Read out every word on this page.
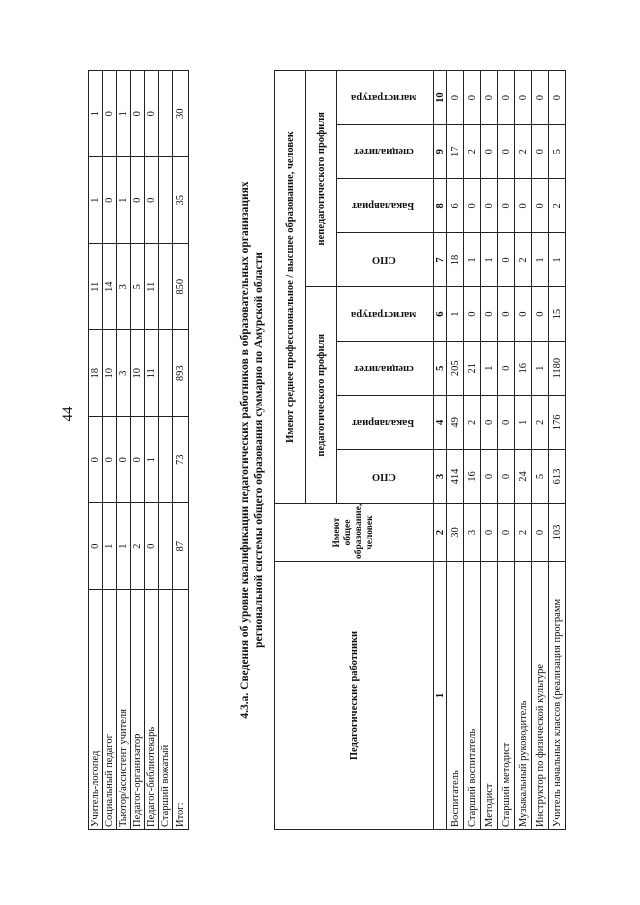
44
Учитель-логопед	0	0	18	11	1	1
Социальный педагог	1	0	10	14	0	0
Тьютор/ассистент учителя	1	0	3	3	1	1
Педагог-организатор	2	0	10	5	0	0
Педагог-библиотекарь	0	1	11	11	0	0
Старший вожатый						
Итог:	87	73	893	850	35	30
4.3.а. Сведения об уровне квалификации педагогических работников в образовательных организациях региональной системы общего образования суммарно по Амурской области
Педагогические работники	Имеют общее образование, человек	Имеют среднее профессиональное / высшее образование, человек							
		педагогического профиля				непедагогического профиля			
		СПО	Бакалавриат	специалитет	магистратура	СПО	Бакалавриат	специалитет	магистратура
1	2	3	4	5	6	7	8	9	10
Воспитатель	30	414	49	205	1	18	6	17	0
Старший воспитатель	3	16	2	21	0	1	0	2	0
Методист	0	0	0	1	0	1	0	0	0
Старший методист	0	0	0	0	0	0	0	0	0
Музыкальный руководитель	2	24	1	16	0	2	0	2	0
Инструктор по физической культуре	0	5	2	1	0	1	0	0	0
Учитель начальных классов (реализация программ	103	613	176	1180	15	1	2	5	0
